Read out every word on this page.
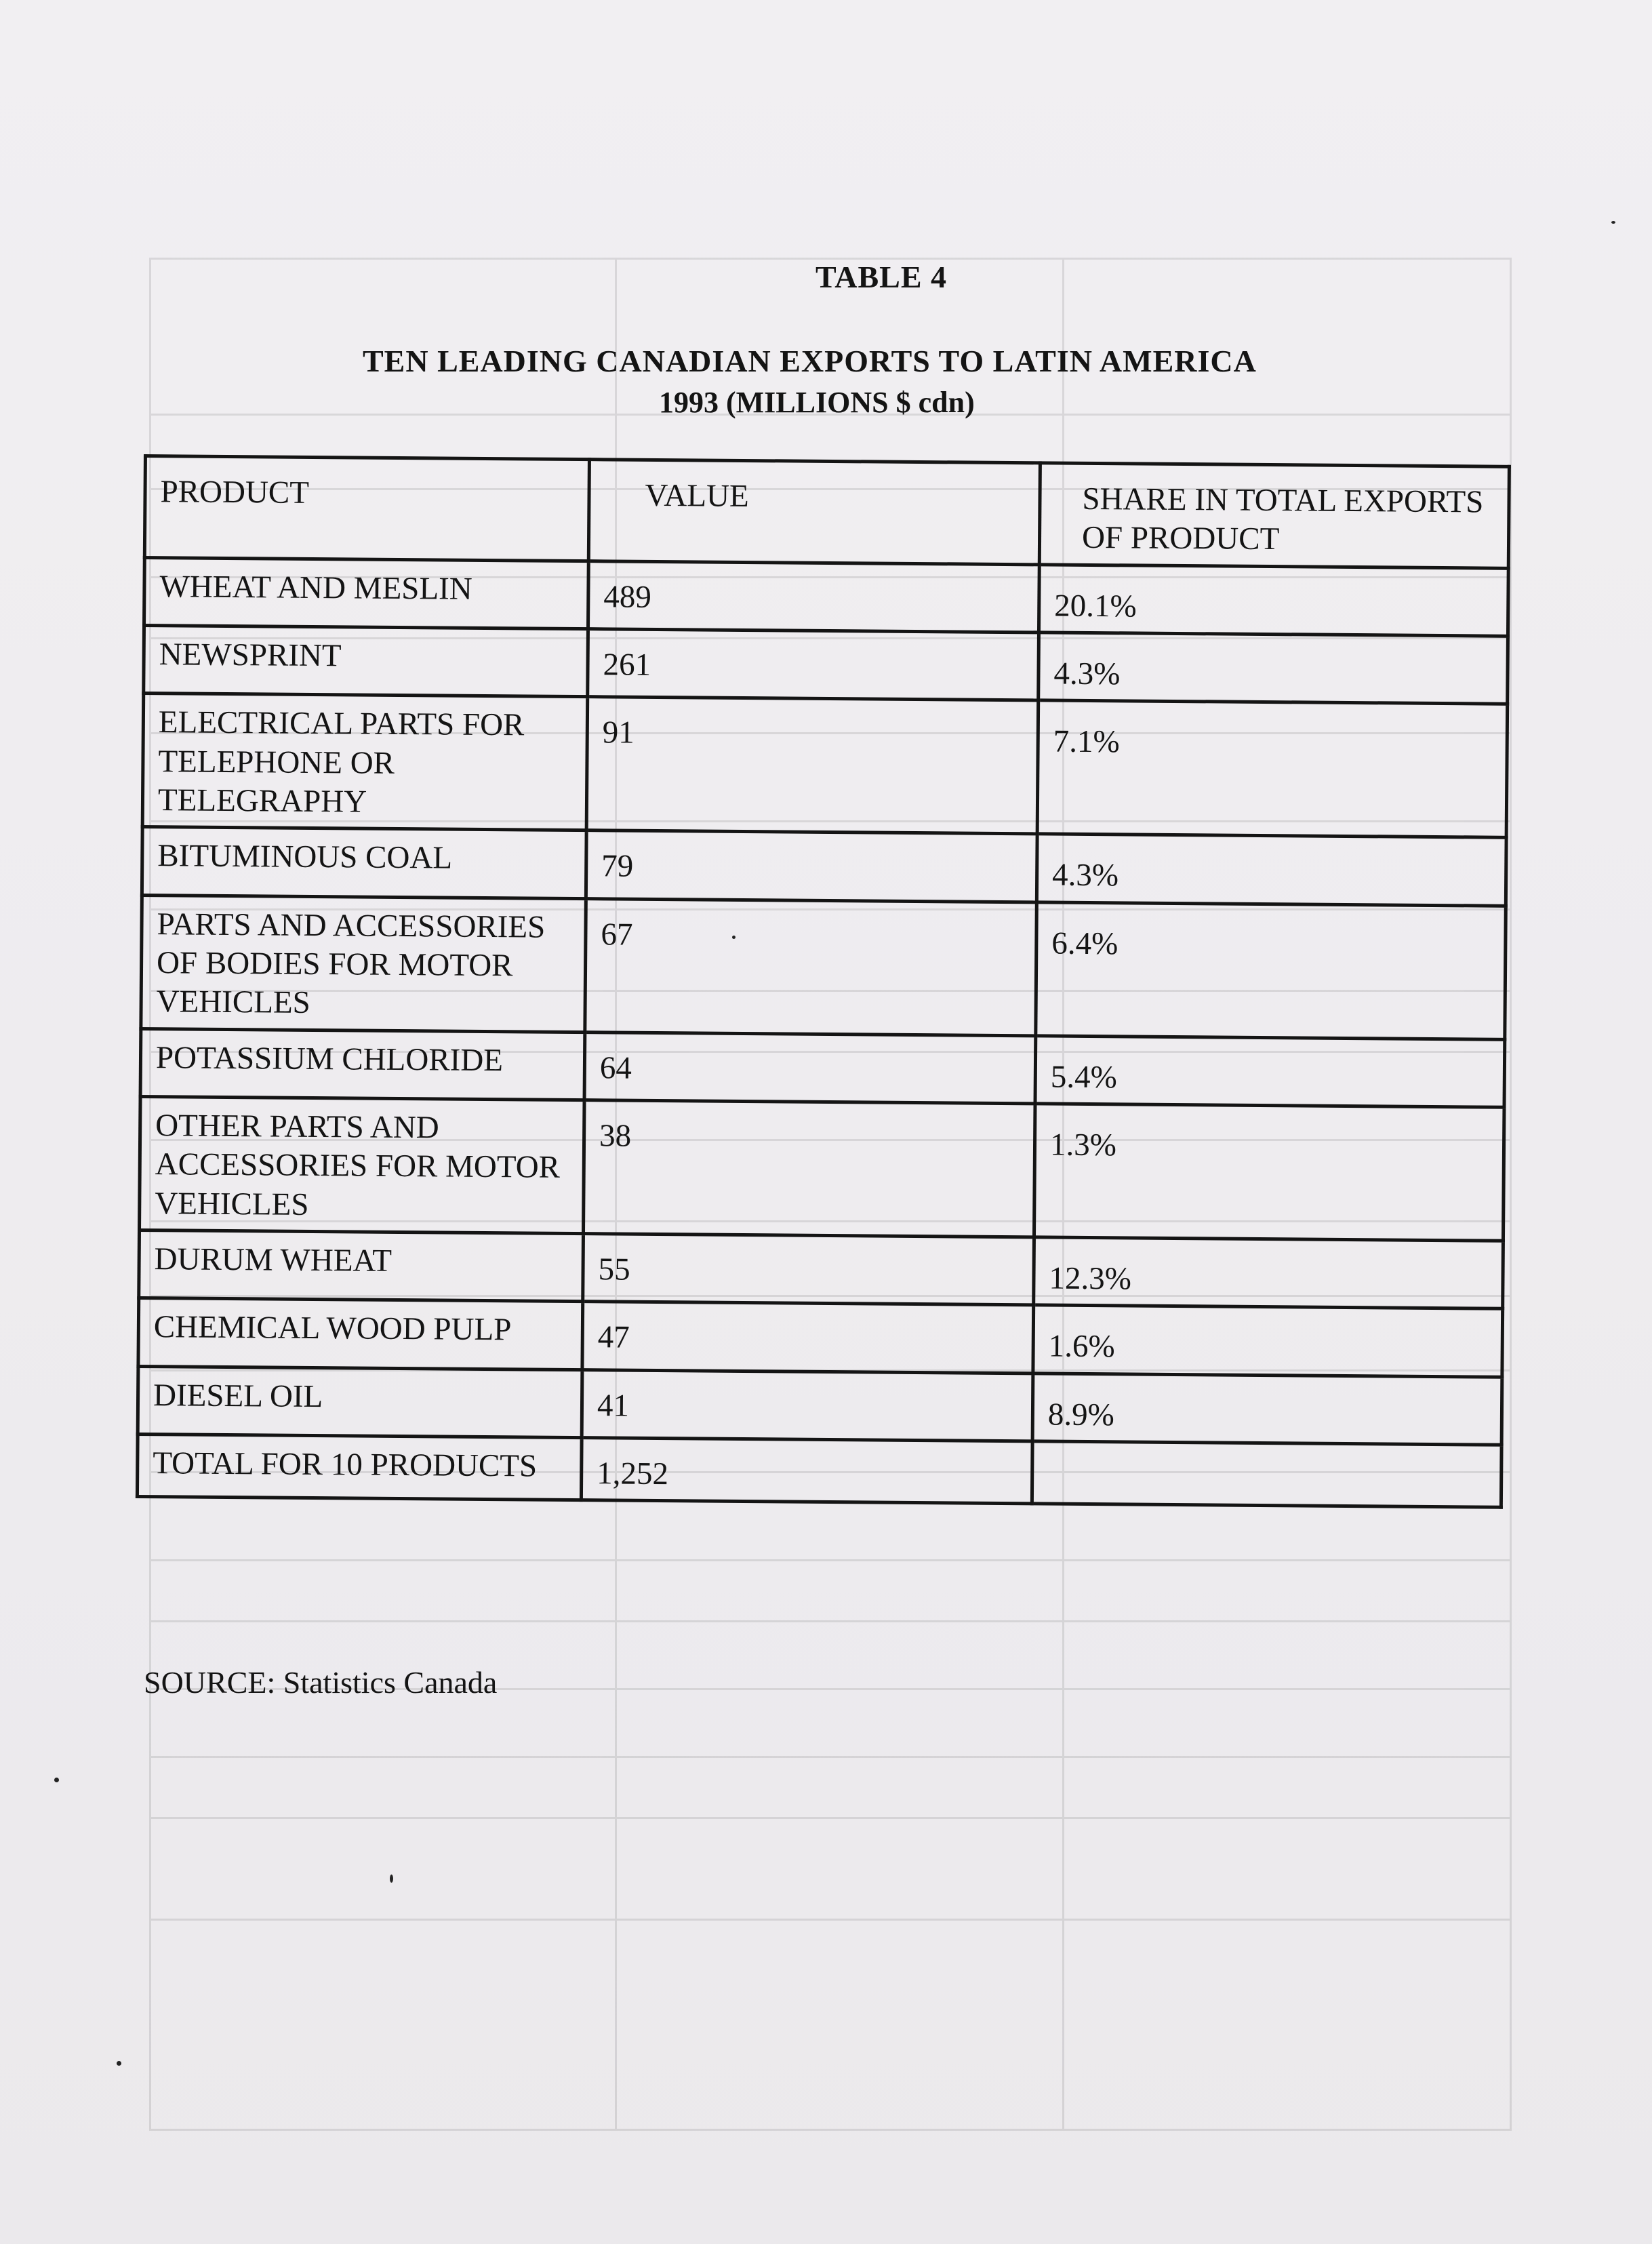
TABLE 4
TEN LEADING CANADIAN EXPORTS TO LATIN AMERICA
1993 (MILLIONS $ cdn)
PRODUCT	VALUE	SHARE IN TOTAL EXPORTS OF PRODUCT
WHEAT AND MESLIN	489	20.1%
NEWSPRINT	261	4.3%
ELECTRICAL PARTS FOR TELEPHONE OR TELEGRAPHY	91	7.1%
BITUMINOUS COAL	79	4.3%
PARTS AND ACCESSORIES OF BODIES FOR MOTOR VEHICLES	67	6.4%
POTASSIUM CHLORIDE	64	5.4%
OTHER PARTS AND ACCESSORIES FOR MOTOR VEHICLES	38	1.3%
DURUM WHEAT	55	12.3%
CHEMICAL WOOD PULP	47	1.6%
DIESEL OIL	41	8.9%
TOTAL FOR 10 PRODUCTS	1,252	
SOURCE: Statistics Canada
